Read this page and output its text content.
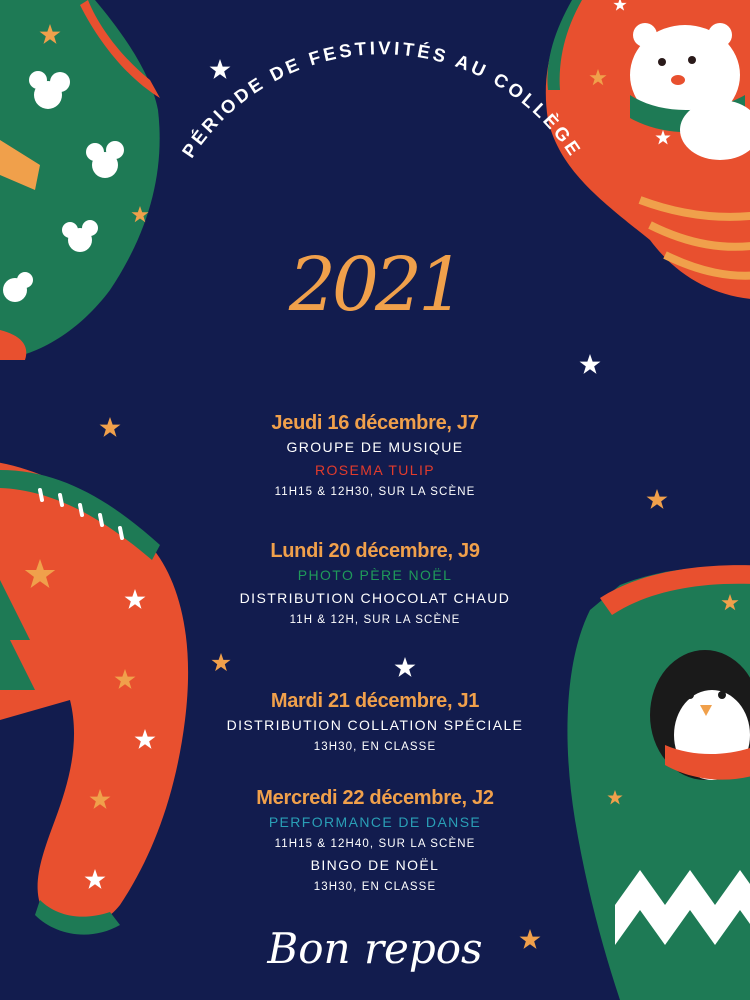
PÉRIODE DE FESTIVITÉS AU COLLÈGE
2021
Jeudi 16 décembre, J7
GROUPE DE MUSIQUE
ROSEMA TULIP
11H15 & 12H30, SUR LA SCÈNE
Lundi 20 décembre, J9
PHOTO PÈRE NOËL
DISTRIBUTION CHOCOLAT CHAUD
11H & 12H, SUR LA SCÈNE
Mardi 21 décembre, J1
DISTRIBUTION COLLATION SPÉCIALE
13H30, EN CLASSE
Mercredi 22 décembre, J2
PERFORMANCE DE DANSE
11H15 & 12H40, SUR LA SCÈNE
BINGO DE NOËL
13H30, EN CLASSE
Bon repos
